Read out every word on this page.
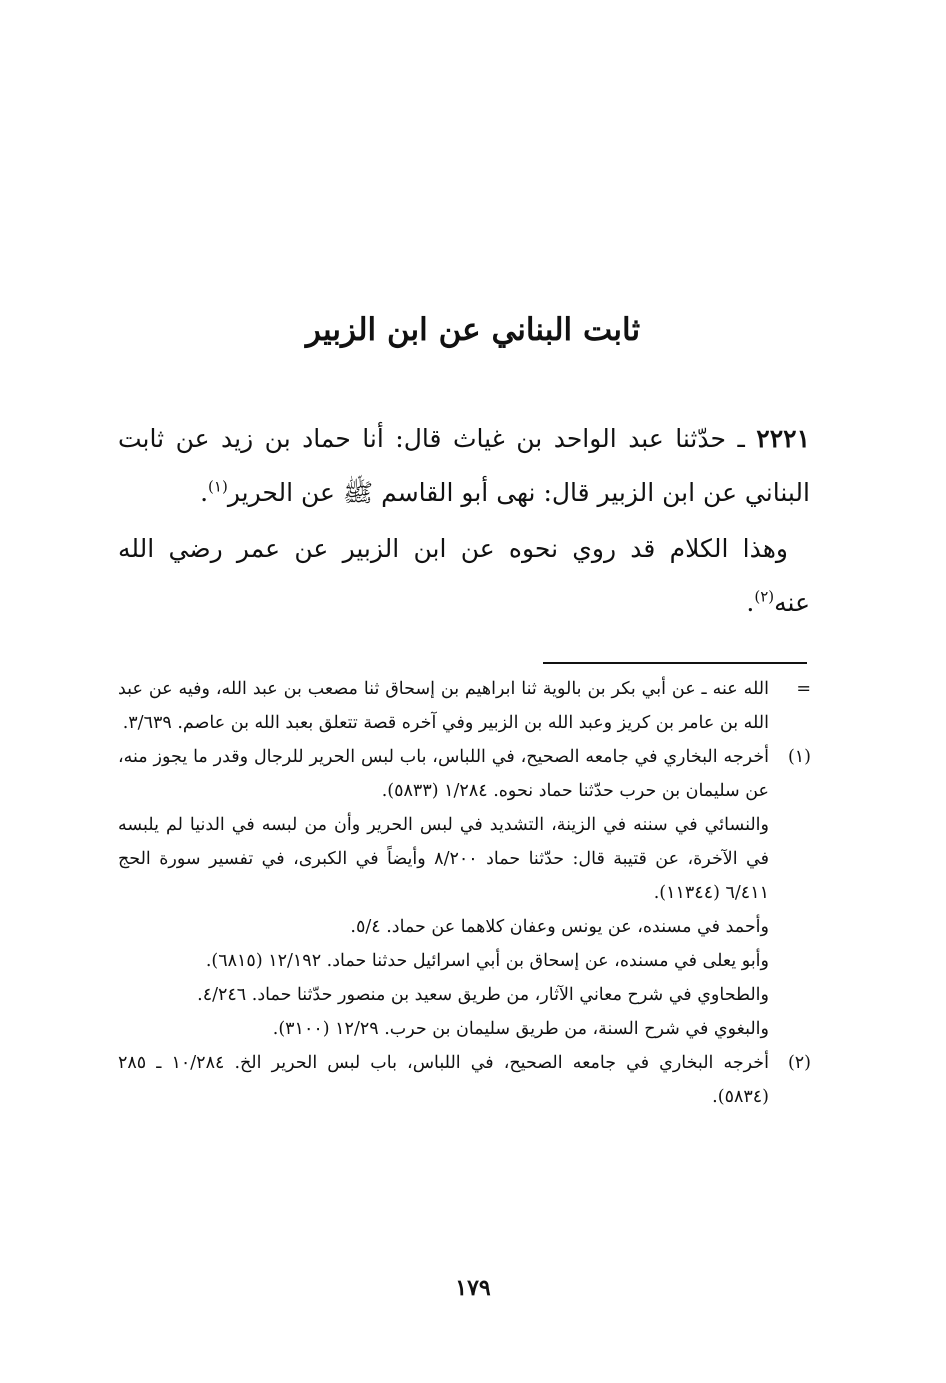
ثابت البناني عن ابن الزبير

٢٢٢١ ـ حدّثنا عبد الواحد بن غياث قال: أنا حماد بن زيد عن ثابت البناني عن ابن الزبير قال: نهى أبو القاسم ﷺ عن الحرير$^{(١)}$.

وهذا الكلام قد روي نحوه عن ابن الزبير عن عمر رضي الله عنه$^{(٢)}$.

=
الله عنه ـ عن أبي بكر بن بالوية ثنا ابراهيم بن إسحاق ثنا مصعب بن عبد الله، وفيه عن عبد الله بن عامر بن كريز وعبد الله بن الزبير وفي آخره قصة تتعلق بعبد الله بن عاصم. ٣/٦٣٩.
(١)

أخرجه البخاري في جامعه الصحيح، في اللباس، باب لبس الحرير للرجال وقدر ما يجوز منه، عن سليمان بن حرب حدّثنا حماد نحوه. ١/٢٨٤ (٥٨٣٣).

والنسائي في سننه في الزينة، التشديد في لبس الحرير وأن من لبسه في الدنيا لم يلبسه في الآخرة، عن قتيبة قال: حدّثنا حماد ٨/٢٠٠ وأيضاً في الكبرى، في تفسير سورة الحج ٦/٤١١ (١١٣٤٤).

وأحمد في مسنده، عن يونس وعفان كلاهما عن حماد. ٥/٤.

وأبو يعلى في مسنده، عن إسحاق بن أبي اسرائيل حدثنا حماد. ١٢/١٩٢ (٦٨١٥).

والطحاوي في شرح معاني الآثار، من طريق سعيد بن منصور حدّثنا حماد. ٤/٢٤٦.

والبغوي في شرح السنة، من طريق سليمان بن حرب. ١٢/٢٩ (٣١٠٠).

(٢)
أخرجه البخاري في جامعه الصحيح، في اللباس، باب لبس الحرير الخ. ١٠/٢٨٤ ـ ٢٨٥ (٥٨٣٤).
١٧٩
